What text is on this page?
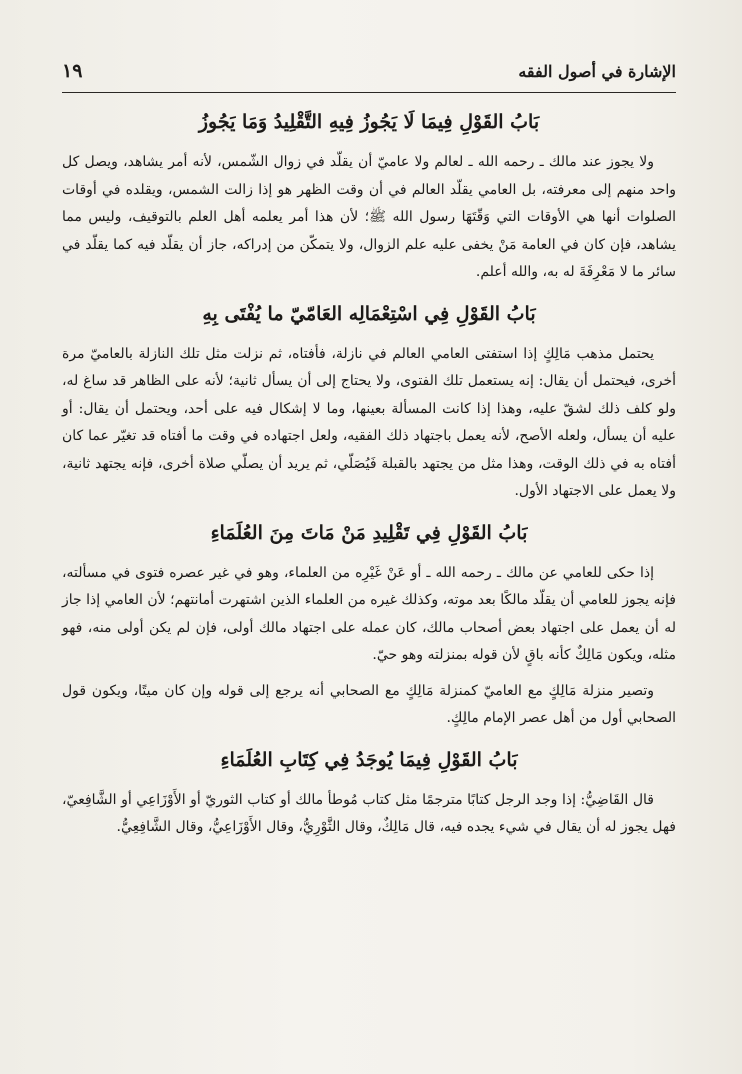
الإشارة في أصول الفقه
١٩
بَابُ القَوْلِ فِيمَا لَا يَجُوزُ فِيهِ التَّقْلِيدُ وَمَا يَجُوزُ

ولا يجوز عند مالك ـ رحمه الله ـ لعالم ولا عاميّ أن يقلّد في زوال الشّمس، لأنه أمر يشاهد، ويصل كل واحد منهم إلى معرفته، بل العامي يقلّد العالم في أن وقت الظهر هو إذا زالت الشمس، ويقلده في أوقات الصلوات أنها هي الأوقات التي وَقّتَهَا رسول الله ﷺ؛ لأن هذا أمر يعلمه أهل العلم بالتوقيف، وليس مما يشاهد، فإن كان في العامة مَنْ يخفى عليه علم الزوال، ولا يتمكّن من إدراكه، جاز أن يقلّد فيه كما يقلّد في سائر ما لا مَعْرِفَةَ له به، والله أعلم.

بَابُ القَوْلِ فِي اسْتِعْمَالِه العَامّيّ ما يُفْتَى بِهِ

يحتمل مذهب مَالِكٍ إذا استفتى العامي العالم في نازلة، فأفتاه، ثم نزلت مثل تلك النازلة بالعاميّ مرة أخرى، فيحتمل أن يقال: إنه يستعمل تلك الفتوى، ولا يحتاج إلى أن يسأل ثانية؛ لأنه على الظاهر قد ساغ له، ولو كلف ذلك لشقّ عليه، وهذا إذا كانت المسألة بعينها، وما لا إشكال فيه على أحد، ويحتمل أن يقال: أو عليه أن يسأل، ولعله الأصح، لأنه يعمل باجتهاد ذلك الفقيه، ولعل اجتهاده في وقت ما أفتاه قد تغيّر عما كان أفتاه به في ذلك الوقت، وهذا مثل من يجتهد بالقبلة فَيُصَلّي، ثم يريد أن يصلّي صلاة أخرى، فإنه يجتهد ثانية، ولا يعمل على الاجتهاد الأول.

بَابُ القَوْلِ فِي تَقْلِيدِ مَنْ مَاتَ مِنَ العُلَمَاءِ

إذا حكى للعامي عن مالك ـ رحمه الله ـ أو عَنْ غَيْرِه من العلماء، وهو في غير عصره فتوى في مسألته، فإنه يجوز للعامي أن يقلّد مالكًا بعد موته، وكذلك غيره من العلماء الذين اشتهرت أمانتهم؛ لأن العامي إذا جاز له أن يعمل على اجتهاد بعض أصحاب مالك، كان عمله على اجتهاد مالك أولى، فإن لم يكن أولى منه، فهو مثله، ويكون مَالِكٌ كأنه باقٍ لأن قوله بمنزلته وهو حيّ.

وتصير منزلة مَالِكٍ مع العاميّ كمنزلة مَالِكٍ مع الصحابي أنه يرجع إلى قوله وإن كان ميتًا، ويكون قول الصحابي أول من أهل عصر الإمام مالِكٍ.

بَابُ القَوْلِ فِيمَا يُوجَدُ فِي كِتَابِ العُلَمَاءِ

قال القَاضِيُّ: إذا وجد الرجل كتابًا مترجمًا مثل كتاب مُوطأ مالك أو كتاب الثوريّ أو الأَوْزَاعِي أو الشَّافِعيّ، فهل يجوز له أن يقال في شيء يجده فيه، قال مَالِكٌ، وقال الثَّوْرِيُّ، وقال الأَوْزَاعِيُّ، وقال الشَّافِعِيُّ.
